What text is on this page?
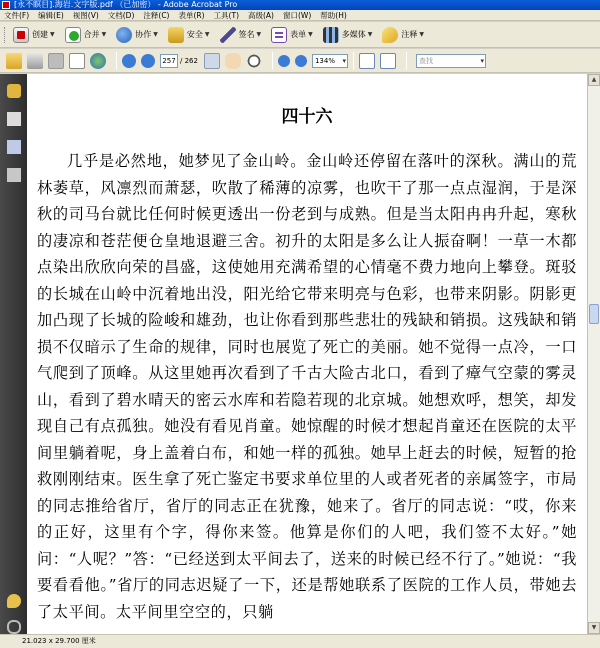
[永不瞑目].海岩.文字版.pdf （已加密） - Adobe Acrobat Pro
文件(F) 编辑(E) 视图(V) 文档(D) 注释(C) 表单(R) 工具(T) 高级(A) 窗口(W) 帮助(H)
创建 ▼	合并 ▼	协作 ▼	安全 ▼	签名 ▼	表单 ▼	多媒体 ▼	注释 ▼
257 / 262	134% ▾	查找 ▾
四十六
几乎是必然地，她梦见了金山岭。金山岭还停留在落叶的深秋。满山的荒林萎草，风凛烈而萧瑟，吹散了稀薄的凉雾，也吹干了那一点点湿润，于是深秋的司马台就比任何时候更透出一份老到与成熟。但是当太阳冉冉升起，寒秋的凄凉和苍茫便仓皇地退避三舍。初升的太阳是多么让人振奋啊！一草一木都点染出欣欣向荣的昌盛，这使她用充满希望的心情毫不费力地向上攀登。斑驳的长城在山岭中沉着地出没，阳光给它带来明亮与色彩，也带来阴影。阴影更加凸现了长城的险峻和雄劲，也让你看到那些悲壮的残缺和销损。这残缺和销损不仅暗示了生命的规律，同时也展览了死亡的美丽。她不觉得一点冷，一口气爬到了顶峰。从这里她再次看到了千古大险古北口，看到了瘴气空蒙的雾灵山，看到了碧水晴天的密云水库和若隐若现的北京城。她想欢呼，想笑，却发现自己有点孤独。她没有看见肖童。她惊醒的时候才想起肖童还在医院的太平间里躺着呢，身上盖着白布，和她一样的孤独。她早上赶去的时候，短暂的抢救刚刚结束。医生拿了死亡鉴定书要求单位里的人或者死者的亲属签字，市局的同志推给省厅，省厅的同志正在犹豫，她来了。省厅的同志说：“哎，你来的正好，这里有个字，得你来签。他算是你们的人吧，我们签不太好。”她问：“人呢？”答：“已经送到太平间去了，送来的时候已经不行了。”她说：“我要看看他。”省厅的同志迟疑了一下，还是帮她联系了医院的工作人员，带她去了太平间。太平间里空空的，只躺
▲
▼
21.023 x 29.700 厘米
